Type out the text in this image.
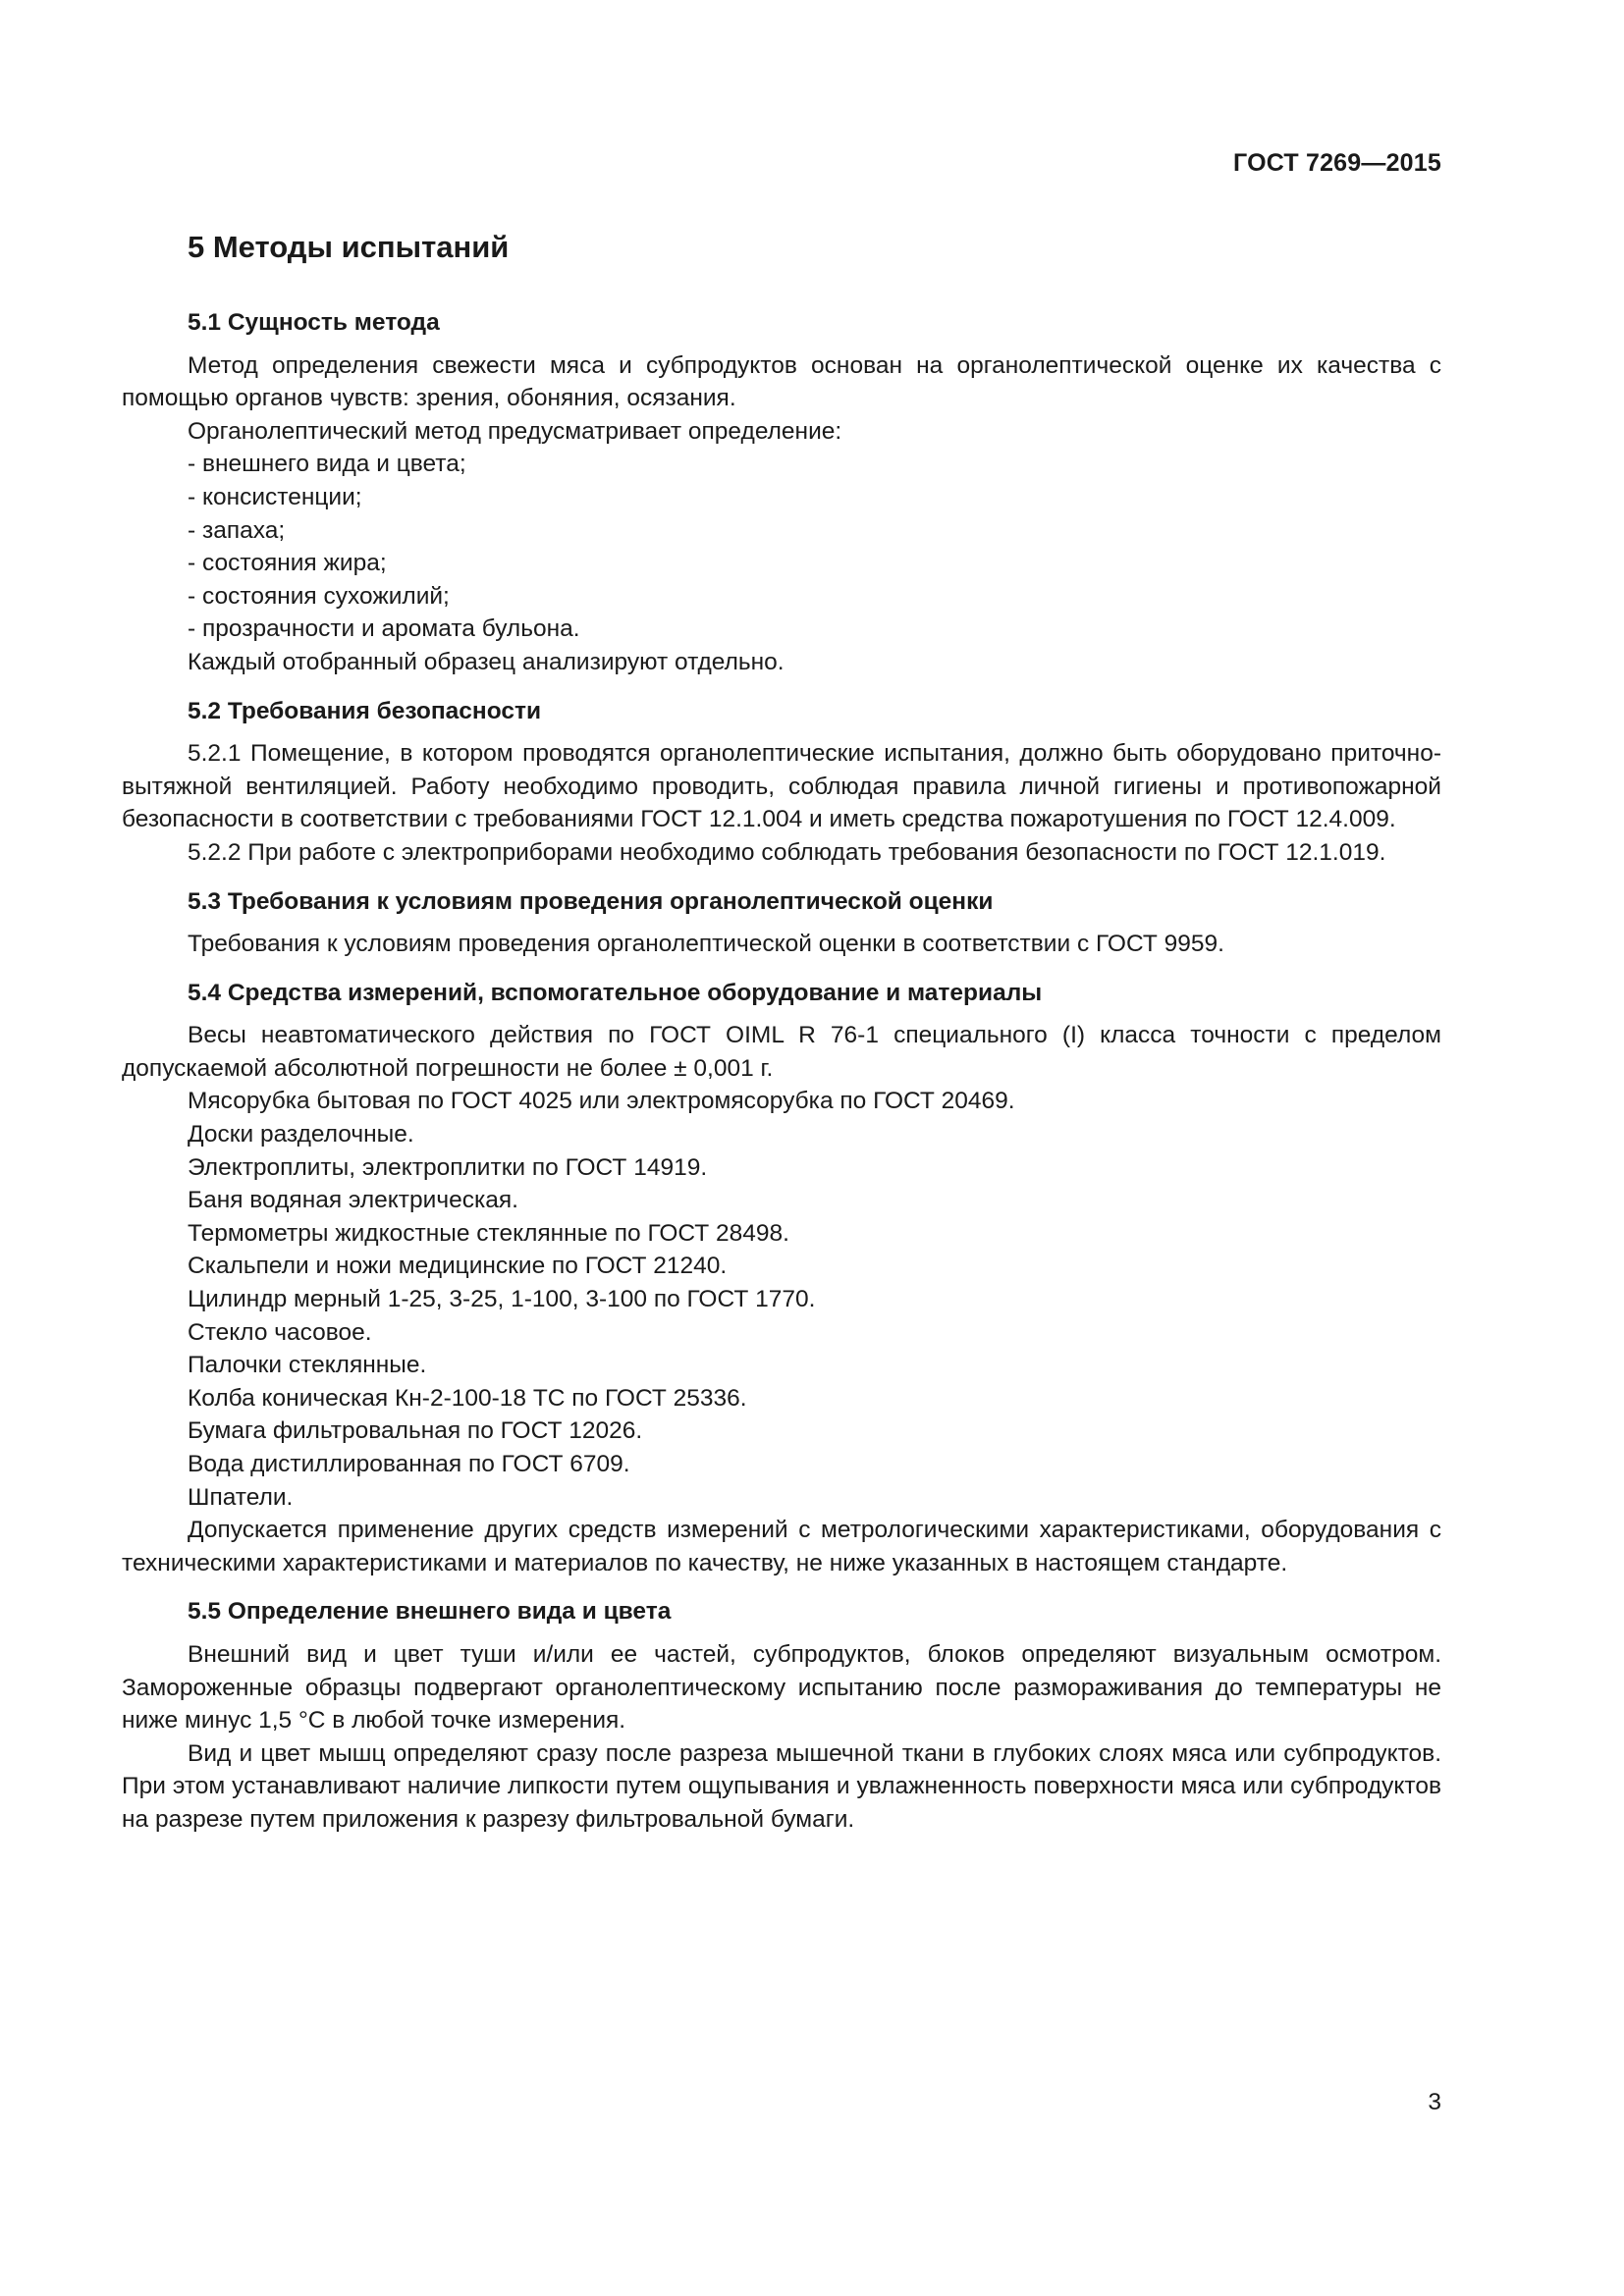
ГОСТ 7269—2015
5 Методы испытаний
5.1 Сущность метода

Метод определения свежести мяса и субпродуктов основан на органолептической оценке их качества с помощью органов чувств: зрения, обоняния, осязания.

Органолептический метод предусматривает определение:

- внешнего вида и цвета;
- консистенции;
- запаха;
- состояния жира;
- состояния сухожилий;
- прозрачности и аромата бульона.

Каждый отобранный образец анализируют отдельно.

5.2 Требования безопасности

5.2.1 Помещение, в котором проводятся органолептические испытания, должно быть оборудовано приточно-вытяжной вентиляцией. Работу необходимо проводить, соблюдая правила личной гигиены и противопожарной безопасности в соответствии с требованиями ГОСТ 12.1.004 и иметь средства пожаротушения по ГОСТ 12.4.009.

5.2.2 При работе с электроприборами необходимо соблюдать требования безопасности по ГОСТ 12.1.019.

5.3 Требования к условиям проведения органолептической оценки

Требования к условиям проведения органолептической оценки в соответствии с ГОСТ 9959.

5.4 Средства измерений, вспомогательное оборудование и материалы

Весы неавтоматического действия по ГОСТ OIML R 76-1 специального (I) класса точности с пределом допускаемой абсолютной погрешности не более ± 0,001 г.

Мясорубка бытовая по ГОСТ 4025 или электромясорубка по ГОСТ 20469.

Доски разделочные.

Электроплиты, электроплитки по ГОСТ 14919.

Баня водяная электрическая.

Термометры жидкостные стеклянные по ГОСТ 28498.

Скальпели и ножи медицинские по ГОСТ 21240.

Цилиндр мерный 1-25, 3-25, 1-100, 3-100 по ГОСТ 1770.

Стекло часовое.

Палочки стеклянные.

Колба коническая Кн-2-100-18 ТС по ГОСТ 25336.

Бумага фильтровальная по ГОСТ 12026.

Вода дистиллированная по ГОСТ 6709.

Шпатели.

Допускается применение других средств измерений с метрологическими характеристиками, оборудования с техническими характеристиками и материалов по качеству, не ниже указанных в настоящем стандарте.

5.5 Определение внешнего вида и цвета

Внешний вид и цвет туши и/или ее частей, субпродуктов, блоков определяют визуальным осмотром. Замороженные образцы подвергают органолептическому испытанию после размораживания до температуры не ниже минус 1,5 °С в любой точке измерения.

Вид и цвет мышц определяют сразу после разреза мышечной ткани в глубоких слоях мяса или субпродуктов. При этом устанавливают наличие липкости путем ощупывания и увлажненность поверхности мяса или субпродуктов на разрезе путем приложения к разрезу фильтровальной бумаги.

3
